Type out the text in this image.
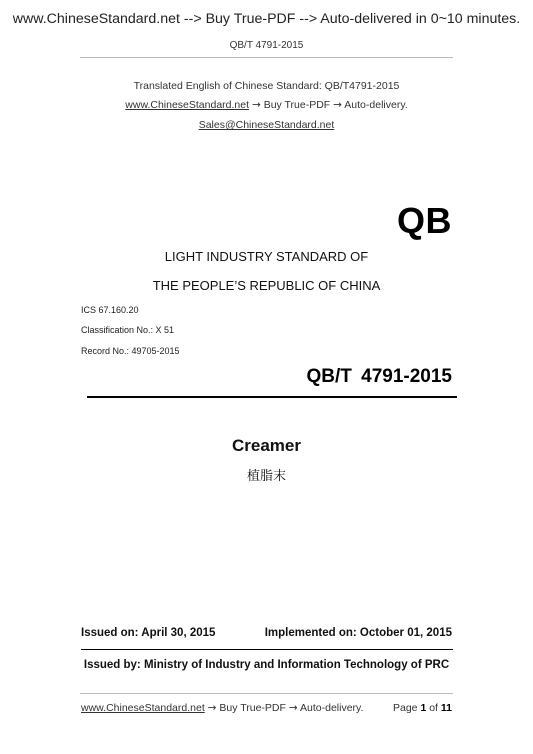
www.ChineseStandard.net --> Buy True-PDF --> Auto-delivered in 0~10 minutes.
QB/T 4791-2015
Translated English of Chinese Standard: QB/T4791-2015
www.ChineseStandard.net → Buy True-PDF → Auto-delivery.
Sales@ChineseStandard.net
QB
LIGHT INDUSTRY STANDARD OF
THE PEOPLE’S REPUBLIC OF CHINA
ICS 67.160.20
Classification No.: X 51
Record No.: 49705-2015
QB/T 4791-2015
Creamer
植脂末
Issued on: April 30, 2015	Implemented on: October 01, 2015
Issued by: Ministry of Industry and Information Technology of PRC
www.ChineseStandard.net → Buy True-PDF → Auto-delivery.	Page 1 of 11
